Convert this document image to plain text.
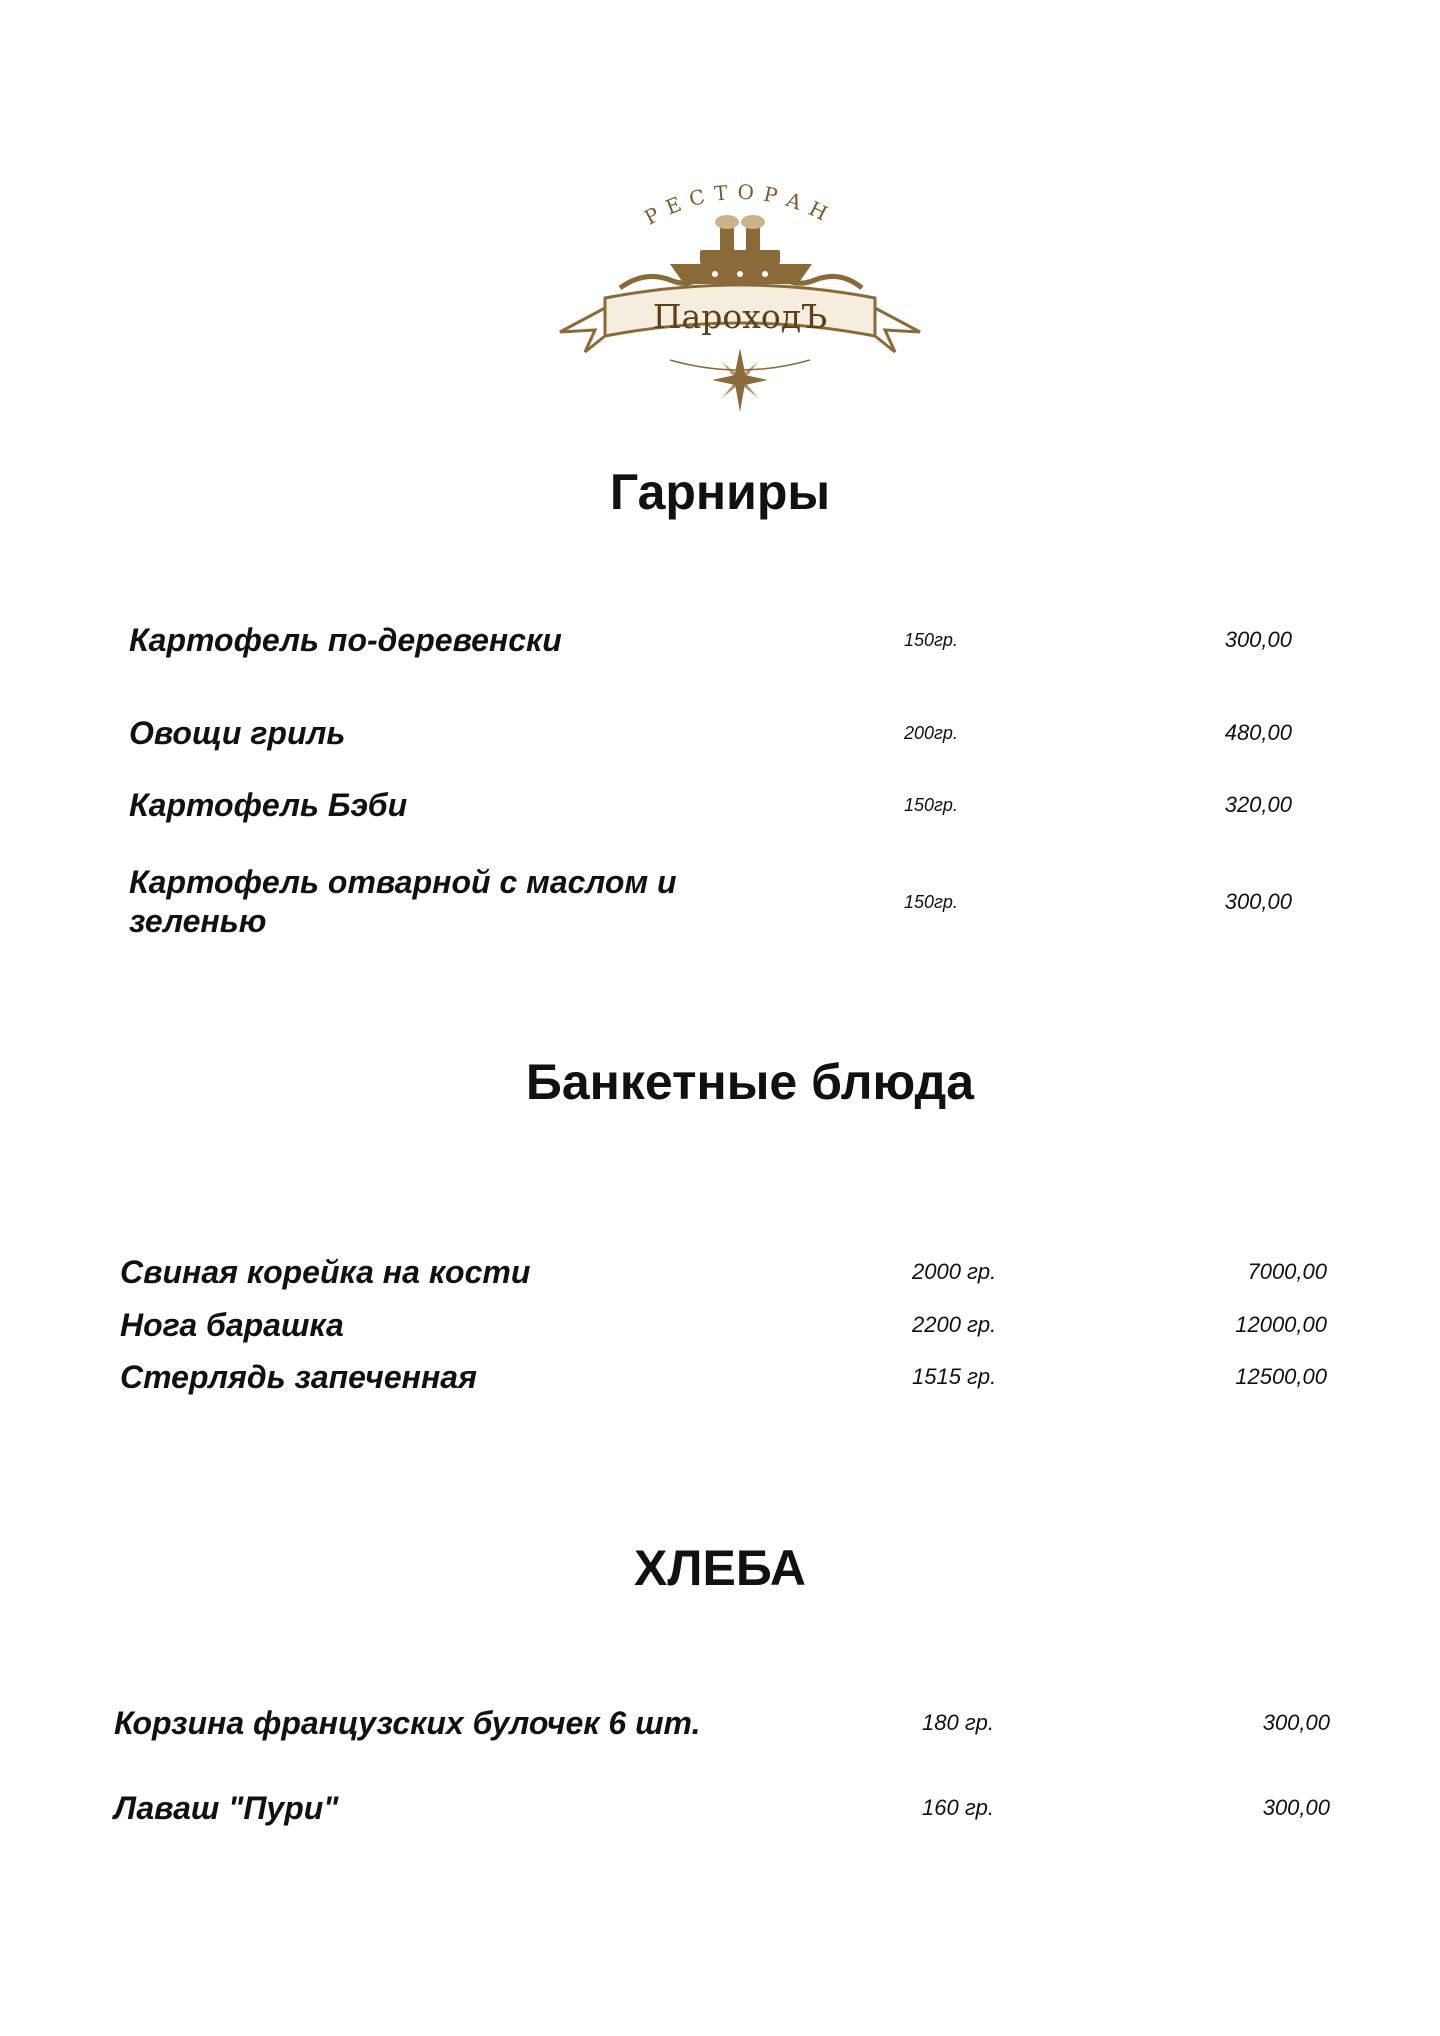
РЕСТОРАН
ПароходЪ
Гарниры
Картофель по-деревенски	150гр.	300,00
Овощи гриль	200гр.	480,00
Картофель Бэби	150гр.	320,00
Картофель отварной с маслом и
зеленью
150гр.	300,00
Банкетные блюда
Свиная корейка на кости	2000 гр.	7000,00
Нога барашка	2200 гр.	12000,00
Стерлядь запеченная	1515 гр.	12500,00
ХЛЕБА
Корзина французских булочек 6 шт.	180 гр.	300,00
Лаваш "Пури"	160 гр.	300,00
